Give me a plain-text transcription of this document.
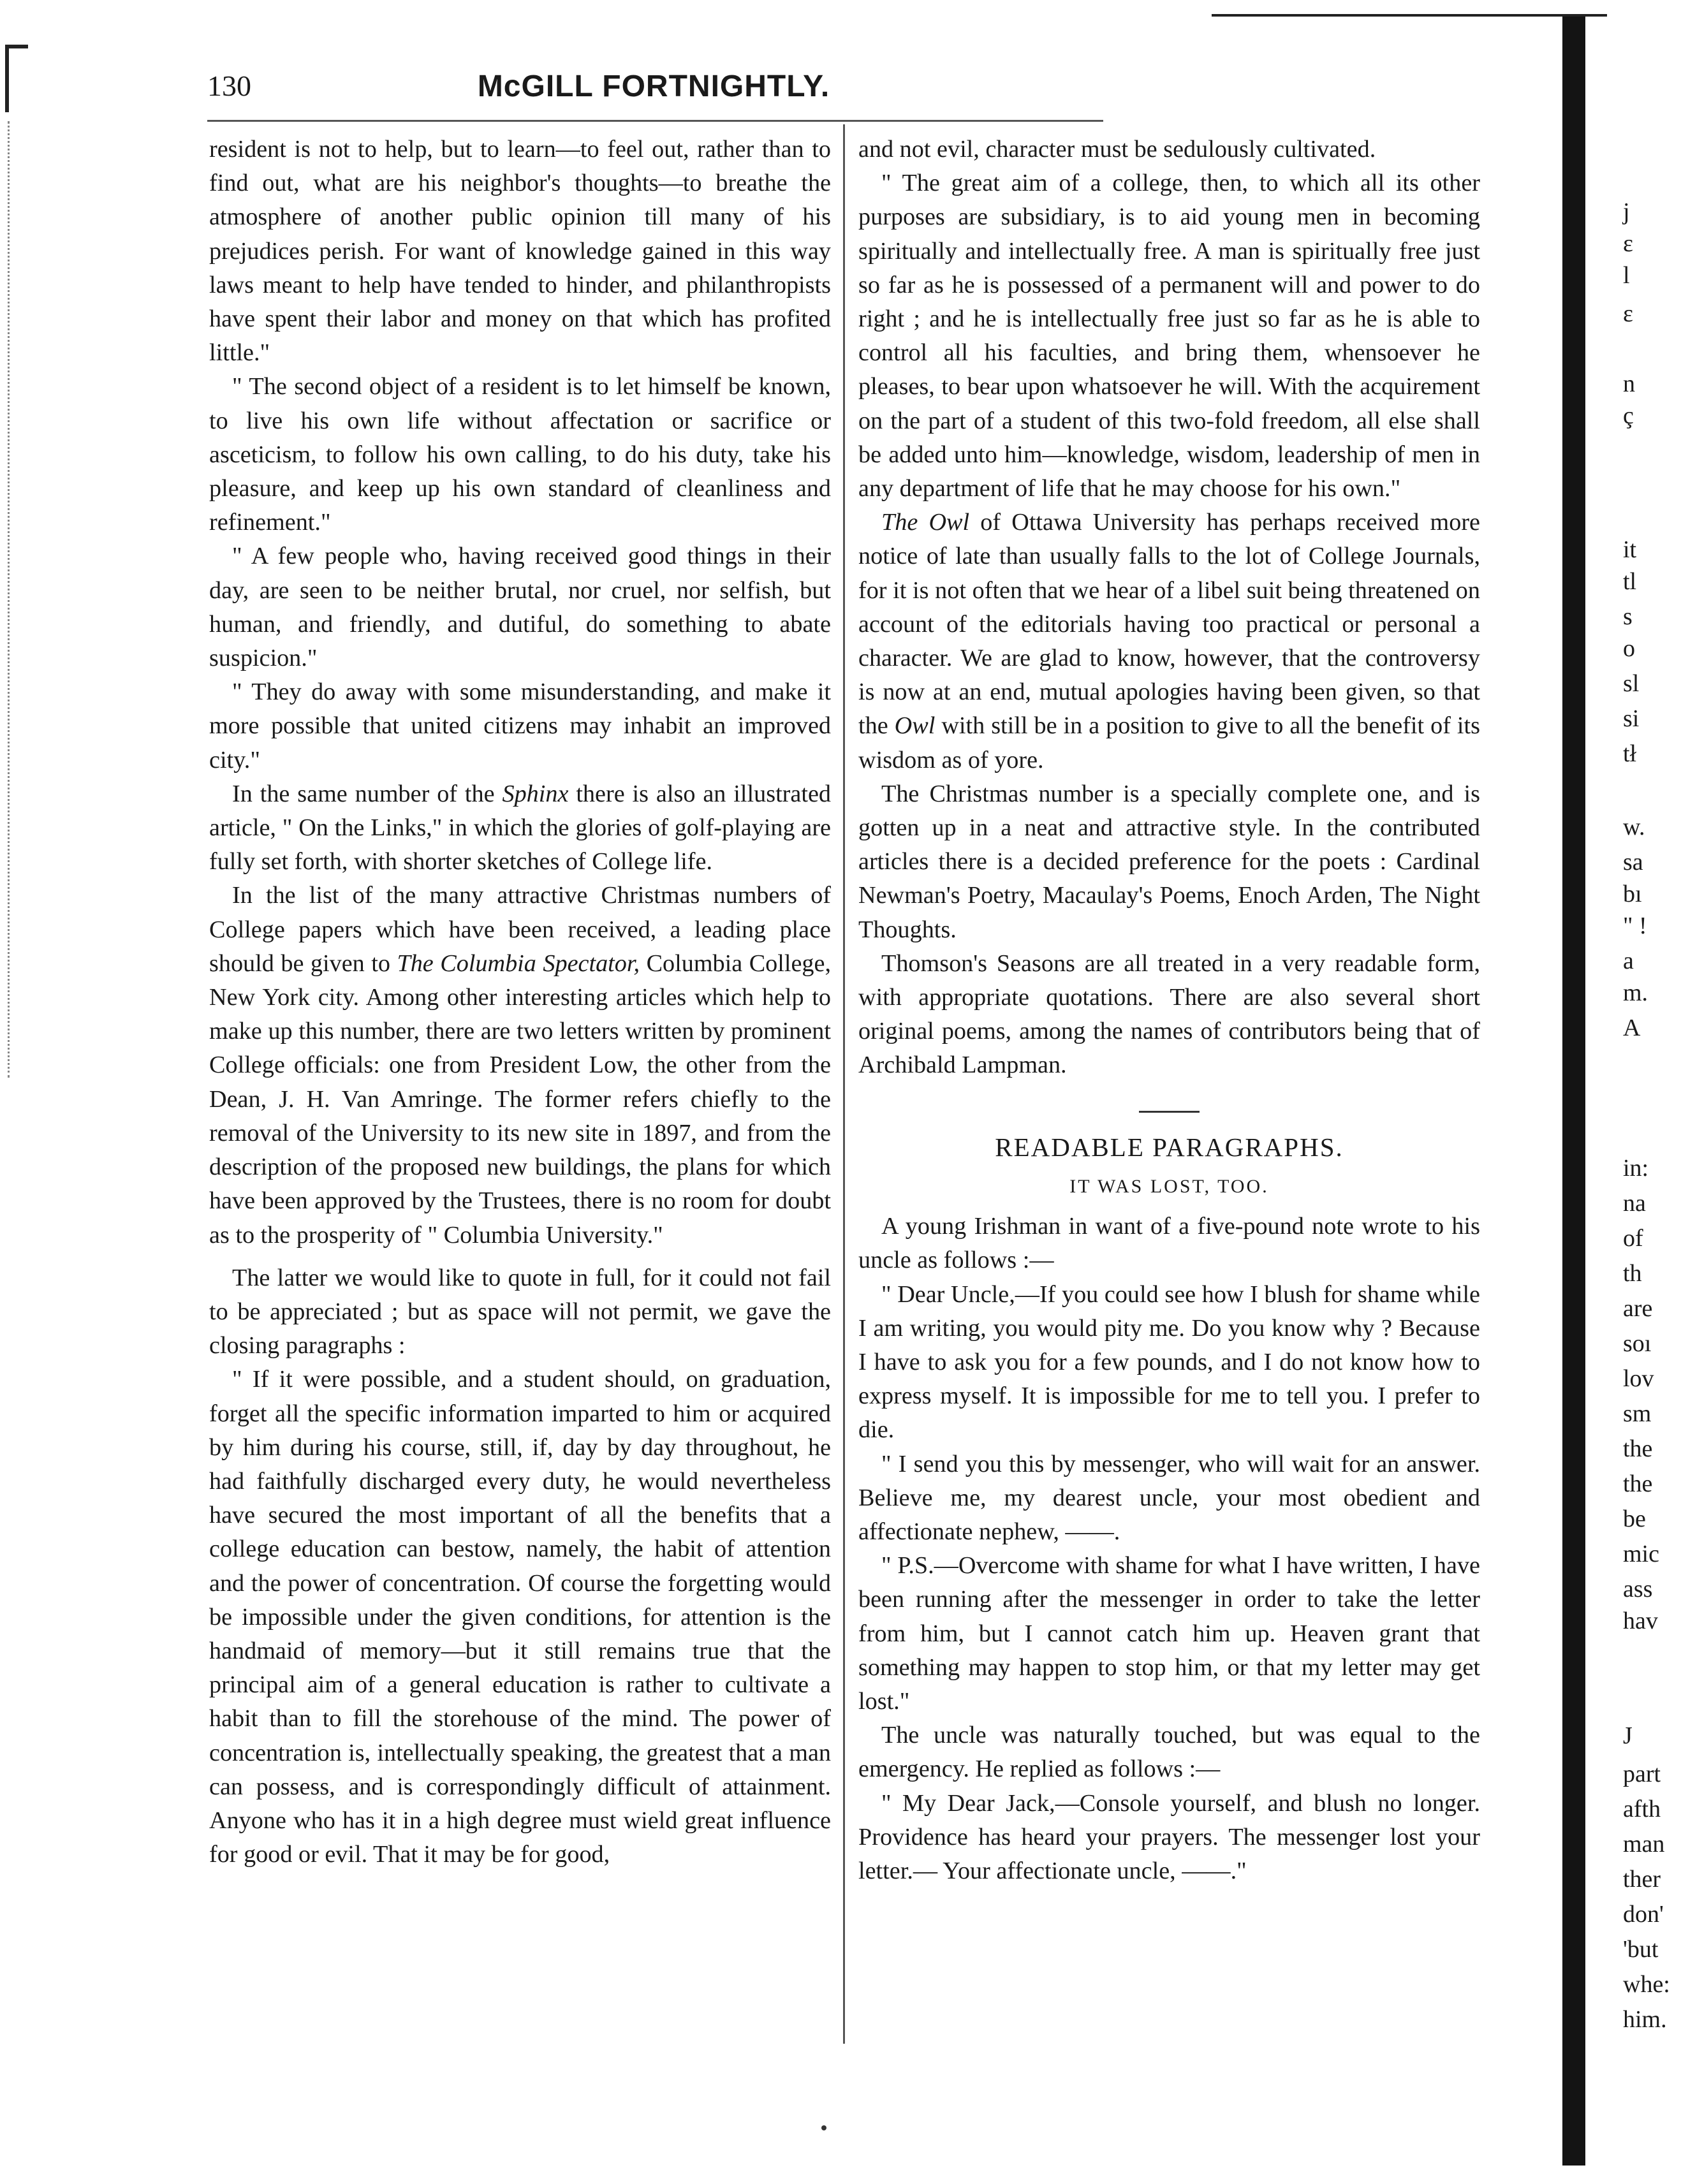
130	McGILL FORTNIGHTLY.

resident is not to help, but to learn—to feel out, rather than to find out, what are his neighbor's thoughts—to breathe the atmosphere of another public opinion till many of his prejudices perish. For want of knowledge gained in this way laws meant to help have tended to hinder, and philanthropists have spent their labor and money on that which has profited little."

" The second object of a resident is to let himself be known, to live his own life without affectation or sacrifice or asceticism, to follow his own calling, to do his duty, take his pleasure, and keep up his own standard of cleanliness and refinement."

" A few people who, having received good things in their day, are seen to be neither brutal, nor cruel, nor selfish, but human, and friendly, and dutiful, do something to abate suspicion."

" They do away with some misunderstanding, and make it more possible that united citizens may inhabit an improved city."

In the same number of the Sphinx there is also an illustrated article, " On the Links," in which the glories of golf-playing are fully set forth, with shorter sketches of College life.

In the list of the many attractive Christmas numbers of College papers which have been received, a leading place should be given to The Columbia Spectator, Columbia College, New York city. Among other interesting articles which help to make up this number, there are two letters written by prominent College officials: one from President Low, the other from the Dean, J. H. Van Amringe. The former refers chiefly to the removal of the University to its new site in 1897, and from the description of the proposed new buildings, the plans for which have been approved by the Trustees, there is no room for doubt as to the prosperity of " Columbia University."

The latter we would like to quote in full, for it could not fail to be appreciated ; but as space will not permit, we gave the closing paragraphs :

" If it were possible, and a student should, on graduation, forget all the specific information imparted to him or acquired by him during his course, still, if, day by day throughout, he had faithfully discharged every duty, he would nevertheless have secured the most important of all the benefits that a college education can bestow, namely, the habit of attention and the power of concentration. Of course the forgetting would be impossible under the given conditions, for attention is the handmaid of memory—but it still remains true that the principal aim of a general education is rather to cultivate a habit than to fill the storehouse of the mind. The power of concentration is, intellectually speaking, the greatest that a man can possess, and is correspondingly difficult of attainment. Anyone who has it in a high degree must wield great influence for good or evil. That it may be for good,

and not evil, character must be sedulously cultivated.

" The great aim of a college, then, to which all its other purposes are subsidiary, is to aid young men in becoming spiritually and intellectually free. A man is spiritually free just so far as he is possessed of a permanent will and power to do right ; and he is intellectually free just so far as he is able to control all his faculties, and bring them, whensoever he pleases, to bear upon whatsoever he will. With the acquirement on the part of a student of this two-fold freedom, all else shall be added unto him—knowledge, wisdom, leadership of men in any department of life that he may choose for his own."

The Owl of Ottawa University has perhaps received more notice of late than usually falls to the lot of College Journals, for it is not often that we hear of a libel suit being threatened on account of the editorials having too practical or personal a character. We are glad to know, however, that the controversy is now at an end, mutual apologies having been given, so that the Owl with still be in a position to give to all the benefit of its wisdom as of yore.

The Christmas number is a specially complete one, and is gotten up in a neat and attractive style. In the contributed articles there is a decided preference for the poets : Cardinal Newman's Poetry, Macaulay's Poems, Enoch Arden, The Night Thoughts.

Thomson's Seasons are all treated in a very readable form, with appropriate quotations. There are also several short original poems, among the names of contributors being that of Archibald Lampman.

READABLE PARAGRAPHS.
IT WAS LOST, TOO.

A young Irishman in want of a five-pound note wrote to his uncle as follows :—

" Dear Uncle,—If you could see how I blush for shame while I am writing, you would pity me. Do you know why ? Because I have to ask you for a few pounds, and I do not know how to express myself. It is impossible for me to tell you. I prefer to die.

" I send you this by messenger, who will wait for an answer. Believe me, my dearest uncle, your most obedient and affectionate nephew, ——.

" P.S.—Overcome with shame for what I have written, I have been running after the messenger in order to take the letter from him, but I cannot catch him up. Heaven grant that something may happen to stop him, or that my letter may get lost."

The uncle was naturally touched, but was equal to the emergency. He replied as follows :—

" My Dear Jack,—Console yourself, and blush no longer. Providence has heard your prayers. The messenger lost your letter.— Your affectionate uncle, ——."

j
ɛ
l
ɛ
n
ç
it
tl
s
o
sl
si
tł
w.
sa
bı
" !
a
m.
A
in:
na
of
th
are
soı
lov
sm
the
the
be
mic
ass
hav
J
part
afth
man
ther
don'
'but
whe:
him.
